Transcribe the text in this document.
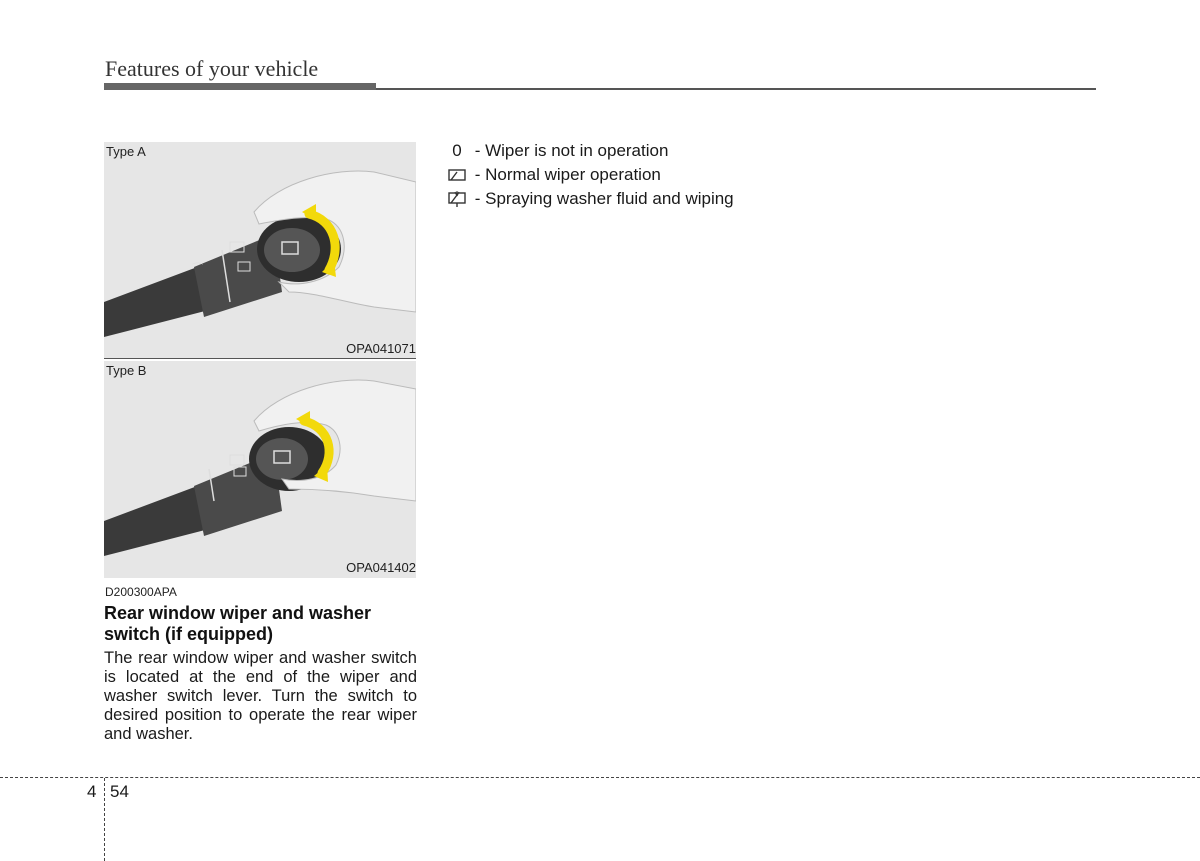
Features of your vehicle
⌒
Type A
OPA041071
Type B
OPA041402
D200300APA
Rear window wiper and washer switch (if equipped)
The rear window wiper and washer switch is located at the end of the wiper and washer switch lever. Turn the switch to desired position to operate the rear wiper and washer.
0 - Wiper is not in operation
- Normal wiper operation
- Spraying washer fluid and wiping
4 54
